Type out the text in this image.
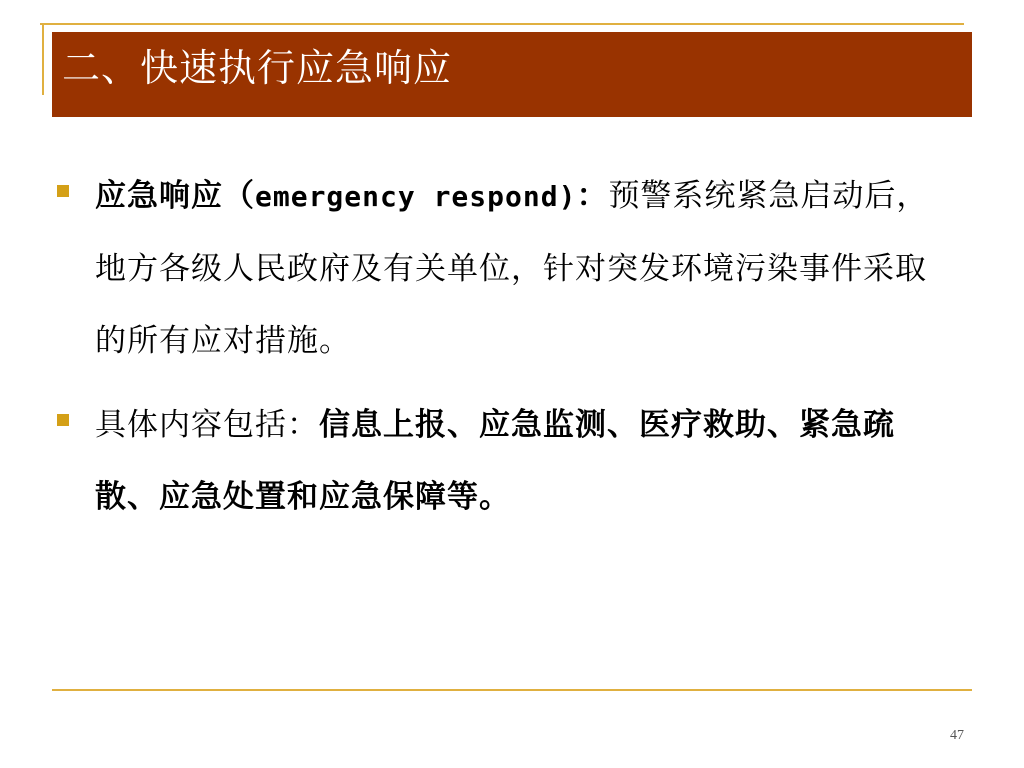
二、快速执行应急响应
应急响应（emergency respond)：预警系统紧急启动后，地方各级人民政府及有关单位，针对突发环境污染事件采取的所有应对措施。
具体内容包括：信息上报、应急监测、医疗救助、紧急疏散、应急处置和应急保障等。
47
